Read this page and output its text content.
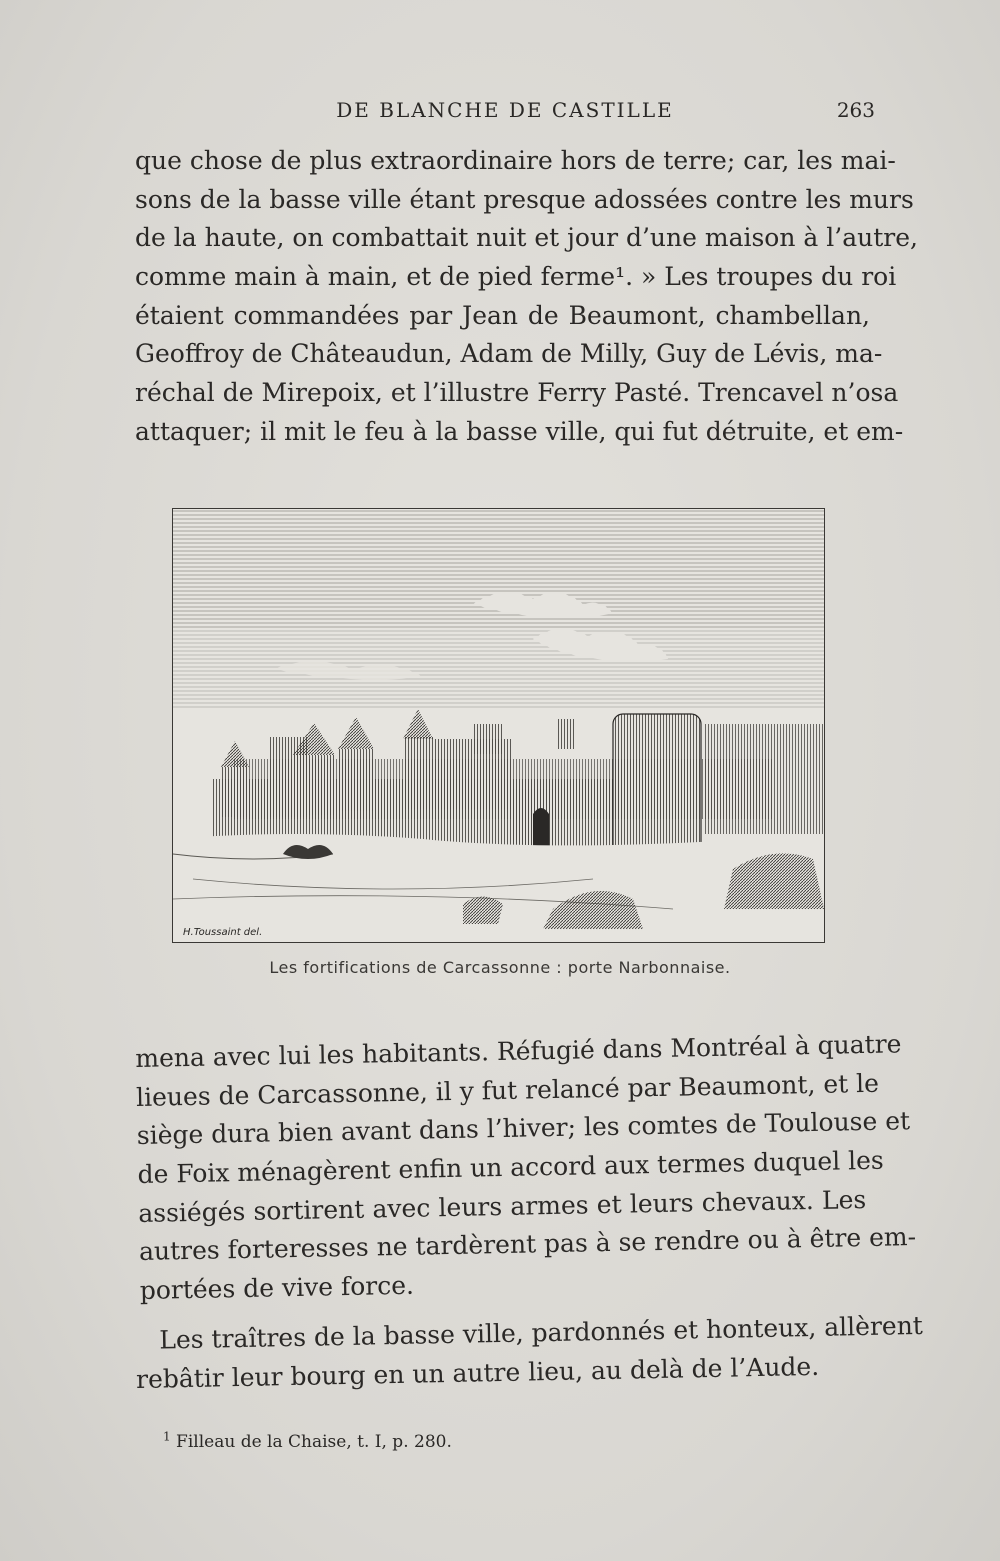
DE BLANCHE DE CASTILLE	263
que chose de plus extraordinaire hors de terre; car, les mai-
sons de la basse ville étant presque adossées contre les murs
de la haute, on combattait nuit et jour d’une maison à l’autre,
comme main à main, et de pied ferme¹. » Les troupes du roi
étaient commandées par Jean de Beaumont, chambellan,
Geoffroy de Châteaudun, Adam de Milly, Guy de Lévis, ma-
réchal de Mirepoix, et l’illustre Ferry Pasté. Trencavel n’osa
attaquer; il mit le feu à la basse ville, qui fut détruite, et em-
H.Toussaint del.
Les fortifications de Carcassonne : porte Narbonnaise.
mena avec lui les habitants. Réfugié dans Montréal à quatre
lieues de Carcassonne, il y fut relancé par Beaumont, et le
siège dura bien avant dans l’hiver; les comtes de Toulouse et
de Foix ménagèrent enfin un accord aux termes duquel les
assiégés sortirent avec leurs armes et leurs chevaux. Les
autres forteresses ne tardèrent pas à se rendre ou à être em-
portées de vive force.
Les traîtres de la basse ville, pardonnés et honteux, allèrent
rebâtir leur bourg en un autre lieu, au delà de l’Aude.
$^1$ Filleau de la Chaise, t. I, p. 280.
